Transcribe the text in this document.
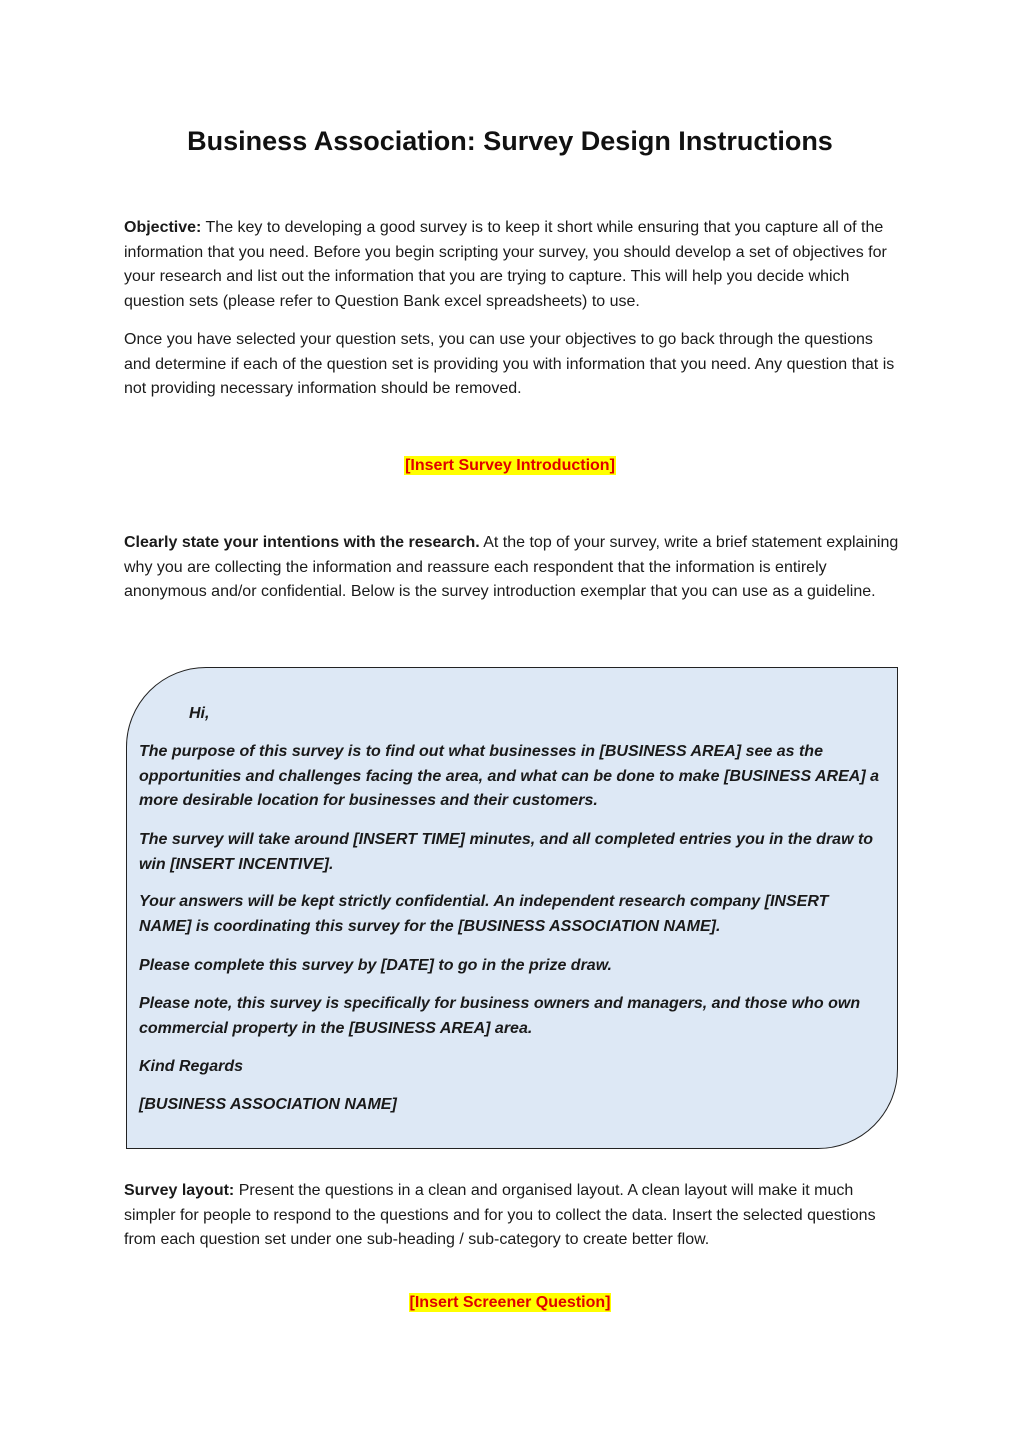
Business Association: Survey Design Instructions

Objective: The key to developing a good survey is to keep it short while ensuring that you capture all of the information that you need. Before you begin scripting your survey, you should develop a set of objectives for your research and list out the information that you are trying to capture. This will help you decide which question sets (please refer to Question Bank excel spreadsheets) to use.

Once you have selected your question sets, you can use your objectives to go back through the questions and determine if each of the question set is providing you with information that you need. Any question that is not providing necessary information should be removed.

[Insert Survey Introduction]

Clearly state your intentions with the research. At the top of your survey, write a brief statement explaining why you are collecting the information and reassure each respondent that the information is entirely anonymous and/or confidential. Below is the survey introduction exemplar that you can use as a guideline.

Hi,

The purpose of this survey is to find out what businesses in [BUSINESS AREA] see as the opportunities and challenges facing the area, and what can be done to make [BUSINESS AREA] a more desirable location for businesses and their customers.

The survey will take around [INSERT TIME] minutes, and all completed entries you in the draw to win [INSERT INCENTIVE].

Your answers will be kept strictly confidential. An independent research company [INSERT NAME] is coordinating this survey for the [BUSINESS ASSOCIATION NAME].

Please complete this survey by [DATE] to go in the prize draw.

Please note, this survey is specifically for business owners and managers, and those who own commercial property in the [BUSINESS AREA] area.

Kind Regards

[BUSINESS ASSOCIATION NAME]

Survey layout: Present the questions in a clean and organised layout. A clean layout will make it much simpler for people to respond to the questions and for you to collect the data. Insert the selected questions from each question set under one sub-heading / sub-category to create better flow.

[Insert Screener Question]
